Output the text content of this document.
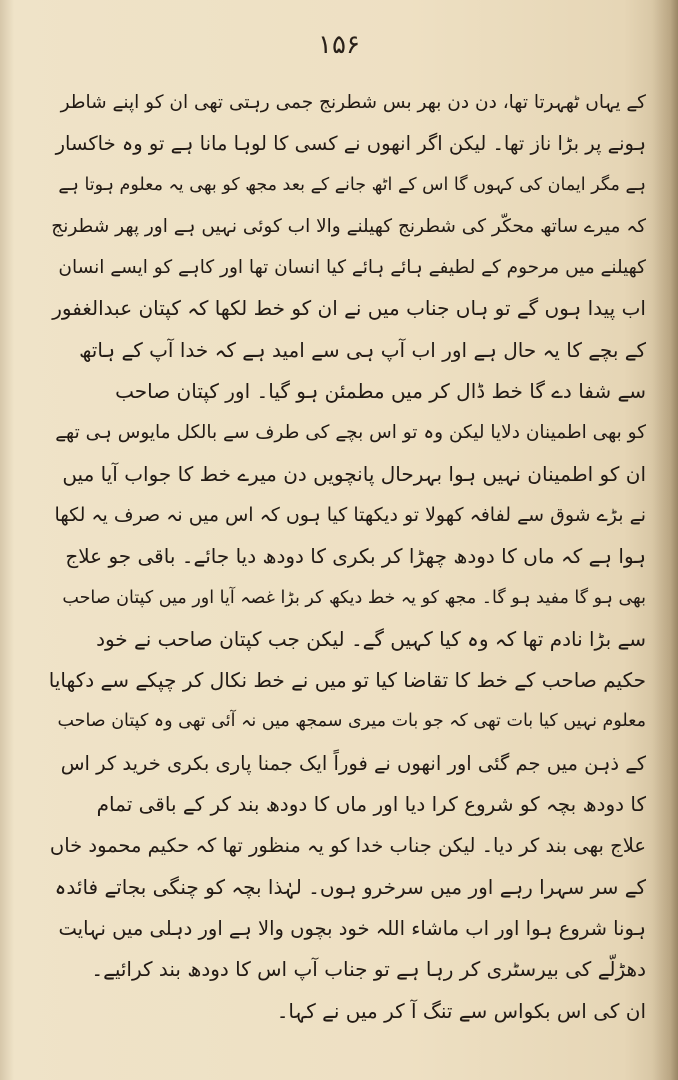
۱۵۶
کے یہاں ٹھہرتا تھا، دن دن بھر بس شطرنج جمی رہتی تھی ان کو اپنے شاطر
ہونے پر بڑا ناز تھا۔ لیکن اگر انھوں نے کسی کا لوہا مانا ہے تو وہ خاکسار
ہے مگر ایمان کی کہوں گا اس کے اٹھ جانے کے بعد مجھ کو بھی یہ معلوم ہوتا ہے
کہ میرے ساتھ محکّر کی شطرنج کھیلنے والا اب کوئی نہیں ہے اور پھر شطرنج
کھیلنے میں مرحوم کے لطیفے ہائے ہائے کیا انسان تھا اور کاہے کو ایسے انسان
اب پیدا ہوں گے تو ہاں جناب میں نے ان کو خط لکھا کہ کپتان عبدالغفور
کے بچے کا یہ حال ہے اور اب آپ ہی سے امید ہے کہ خدا آپ کے ہاتھ
سے شفا دے گا خط ڈال کر میں مطمئن ہو گیا۔ اور کپتان صاحب
کو بھی اطمینان دلایا لیکن وہ تو اس بچے کی طرف سے بالکل مایوس ہی تھے
ان کو اطمینان نہیں ہوا بہرحال پانچویں دن میرے خط کا جواب آیا میں
نے بڑے شوق سے لفافہ کھولا تو دیکھتا کیا ہوں کہ اس میں نہ صرف یہ لکھا
ہوا ہے کہ ماں کا دودھ چھڑا کر بکری کا دودھ دیا جائے۔ باقی جو علاج
بھی ہو گا مفید ہو گا۔ مجھ کو یہ خط دیکھ کر بڑا غصہ آیا اور میں کپتان صاحب
سے بڑا نادم تھا کہ وہ کیا کہیں گے۔ لیکن جب کپتان صاحب نے خود
حکیم صاحب کے خط کا تقاضا کیا تو میں نے خط نکال کر چپکے سے دکھایا
معلوم نہیں کیا بات تھی کہ جو بات میری سمجھ میں نہ آئی تھی وہ کپتان صاحب
کے ذہن میں جم گئی اور انھوں نے فوراً ایک جمنا پاری بکری خرید کر اس
کا دودھ بچہ کو شروع کرا دیا اور ماں کا دودھ بند کر کے باقی تمام
علاج بھی بند کر دیا۔ لیکن جناب خدا کو یہ منظور تھا کہ حکیم محمود خاں
کے سر سہرا رہے اور میں سرخرو ہوں۔ لہٰذا بچہ کو چنگی بجاتے فائدہ
ہونا شروع ہوا اور اب ماشاء اللہ خود بچوں والا ہے اور دہلی میں نہایت
دھڑلّے کی بیرسٹری کر رہا ہے تو جناب آپ اس کا دودھ بند کرائیے۔
ان کی اس بکواس سے تنگ آ کر میں نے کہا۔
